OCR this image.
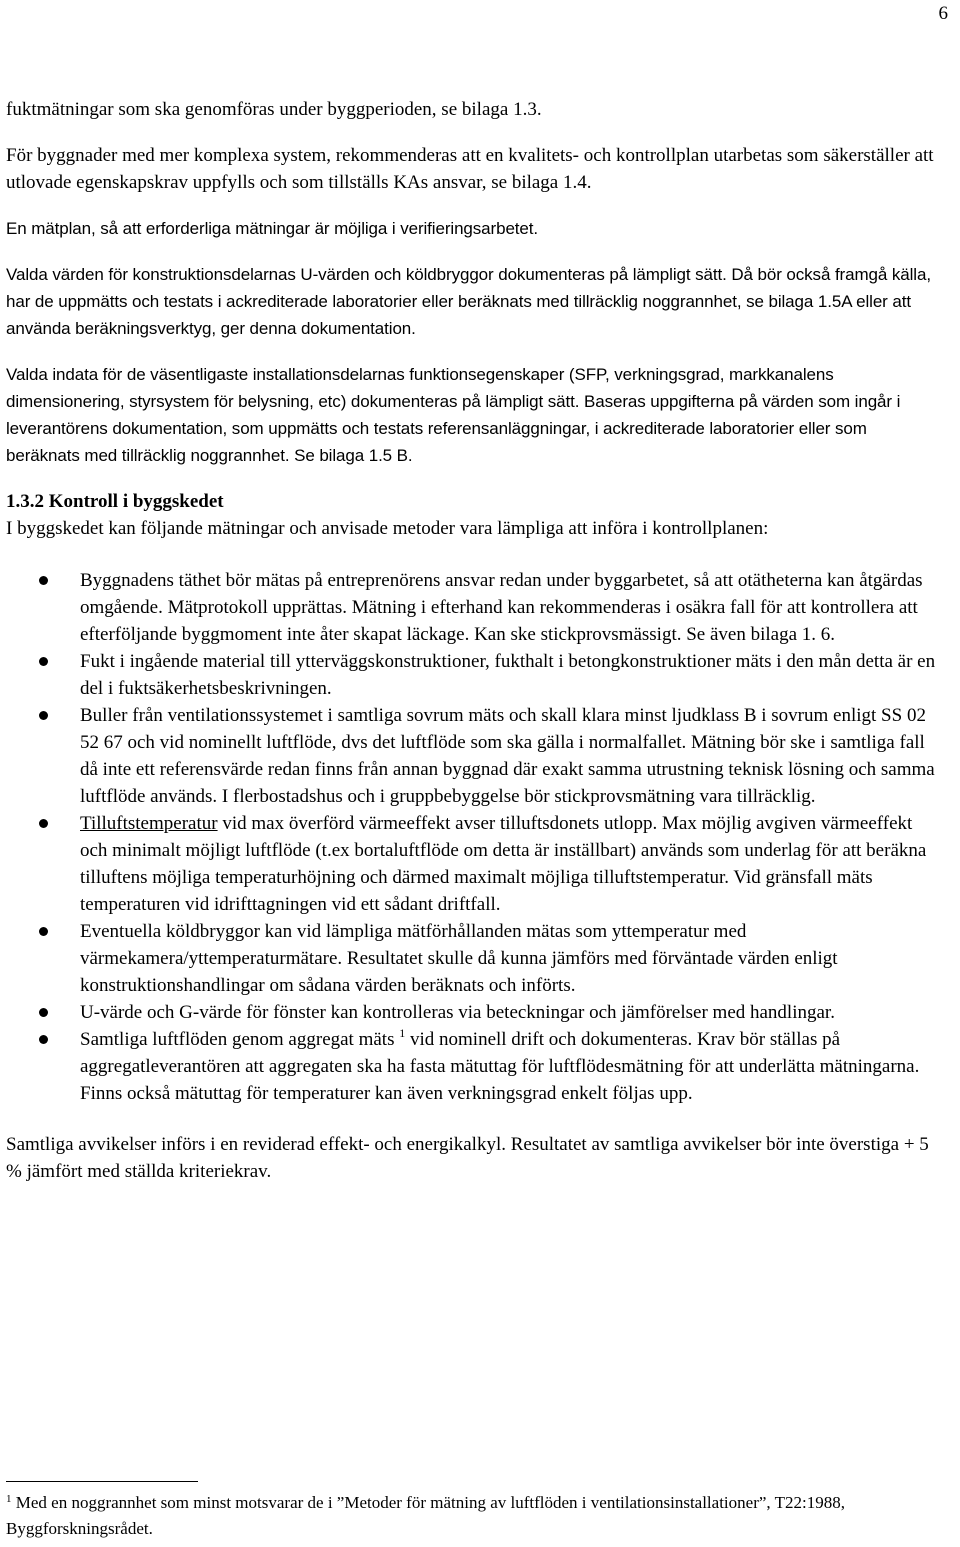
6

fuktmätningar som ska genomföras under byggperioden, se bilaga 1.3.

För byggnader med mer komplexa system, rekommenderas att en kvalitets- och kontrollplan utarbetas som säkerställer att utlovade egenskapskrav uppfylls och som tillställs KAs ansvar, se bilaga 1.4.

En mätplan, så att erforderliga mätningar är möjliga i verifieringsarbetet.

Valda värden för konstruktionsdelarnas U-värden och köldbryggor dokumenteras på lämpligt sätt. Då bör också framgå källa, har de uppmätts och testats i ackrediterade laboratorier eller beräknats med tillräcklig noggrannhet, se bilaga 1.5A eller att använda beräkningsverktyg, ger denna dokumentation.

Valda indata för de väsentligaste installationsdelarnas funktionsegenskaper (SFP, verkningsgrad, markkanalens dimensionering, styrsystem för belysning, etc) dokumenteras på lämpligt sätt. Baseras uppgifterna på värden som ingår i leverantörens dokumentation, som uppmätts och testats referensanläggningar, i ackrediterade laboratorier eller som beräknats med tillräcklig noggrannhet. Se bilaga 1.5 B.

1.3.2 Kontroll i byggskedet

I byggskedet kan följande mätningar och anvisade metoder vara lämpliga att införa i kontrollplanen:

Byggnadens täthet bör mätas på entreprenörens ansvar redan under byggarbetet, så att otätheterna kan åtgärdas omgående. Mätprotokoll upprättas. Mätning i efterhand kan rekommenderas i osäkra fall för att kontrollera att efterföljande byggmoment inte åter skapat läckage. Kan ske stickprovsmässigt. Se även bilaga 1. 6.
Fukt i ingående material till ytterväggskonstruktioner, fukthalt i betongkonstruktioner mäts i den mån detta är en del i fuktsäkerhetsbeskrivningen.
Buller från ventilationssystemet i samtliga sovrum mäts och skall klara minst ljudklass B i sovrum enligt SS 02 52 67 och vid nominellt luftflöde, dvs det luftflöde som ska gälla i normalfallet. Mätning bör ske i samtliga fall då inte ett referensvärde redan finns från annan byggnad där exakt samma utrustning teknisk lösning och samma luftflöde används. I flerbostadshus och i gruppbebyggelse bör stickprovsmätning vara tillräcklig.
Tilluftstemperatur vid max överförd värmeeffekt avser tilluftsdonets utlopp. Max möjlig avgiven värmeeffekt och minimalt möjligt luftflöde (t.ex bortaluftflöde om detta är inställbart) används som underlag för att beräkna tilluftens möjliga temperaturhöjning och därmed maximalt möjliga tilluftstemperatur. Vid gränsfall mäts temperaturen vid idrifttagningen vid ett sådant driftfall.
Eventuella köldbryggor kan vid lämpliga mätförhållanden mätas som yttemperatur med värmekamera/yttemperaturmätare. Resultatet skulle då kunna jämförs med förväntade värden enligt konstruktionshandlingar om sådana värden beräknats och införts.
U-värde och G-värde för fönster kan kontrolleras via beteckningar och jämförelser med handlingar.
Samtliga luftflöden genom aggregat mäts $^1$ vid nominell drift och dokumenteras. Krav bör ställas på aggregatleverantören att aggregaten ska ha fasta mätuttag för luftflödesmätning för att underlätta mätningarna. Finns också mätuttag för temperaturer kan även verkningsgrad enkelt följas upp.

Samtliga avvikelser införs i en reviderad effekt- och energikalkyl. Resultatet av samtliga avvikelser bör inte överstiga + 5 % jämfört med ställda kriteriekrav.

$^1$ Med en noggrannhet som minst motsvarar de i ”Metoder för mätning av luftflöden i ventilationsinstallationer”, T22:1988, Byggforskningsrådet.
